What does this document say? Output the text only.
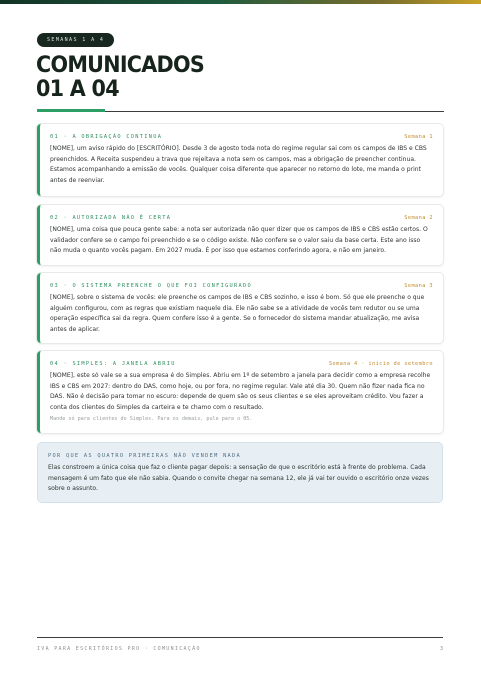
SEMANAS 1 A 4
COMUNICADOS
01 A 04
01 · A OBRIGAÇÃO CONTINUA	Semana 1

[NOME], um aviso rápido do [ESCRITÓRIO]. Desde 3 de agosto toda nota do regime regular sai com os campos de IBS e CBS preenchidos. A Receita suspendeu a trava que rejeitava a nota sem os campos, mas a obrigação de preencher continua. Estamos acompanhando a emissão de vocês. Qualquer coisa diferente que aparecer no retorno do lote, me manda o print antes de reenviar.

02 · AUTORIZADA NÃO É CERTA	Semana 2

[NOME], uma coisa que pouca gente sabe: a nota ser autorizada não quer dizer que os campos de IBS e CBS estão certos. O validador confere se o campo foi preenchido e se o código existe. Não confere se o valor saiu da base certa. Este ano isso não muda o quanto vocês pagam. Em 2027 muda. É por isso que estamos conferindo agora, e não em janeiro.

03 · O SISTEMA PREENCHE O QUE FOI CONFIGURADO	Semana 3

[NOME], sobre o sistema de vocês: ele preenche os campos de IBS e CBS sozinho, e isso é bom. Só que ele preenche o que alguém configurou, com as regras que existiam naquele dia. Ele não sabe se a atividade de vocês tem redutor ou se uma operação específica sai da regra. Quem confere isso é a gente. Se o fornecedor do sistema mandar atualização, me avisa antes de aplicar.

04 · SIMPLES: A JANELA ABRIU	Semana 4 · início de setembro

[NOME], este só vale se a sua empresa é do Simples. Abriu em 1º de setembro a janela para decidir como a empresa recolhe IBS e CBS em 2027: dentro do DAS, como hoje, ou por fora, no regime regular. Vale até dia 30. Quem não fizer nada fica no DAS. Não é decisão para tomar no escuro: depende de quem são os seus clientes e se eles aproveitam crédito. Vou fazer a conta dos clientes do Simples da carteira e te chamo com o resultado.

Mande só para clientes do Simples. Para os demais, pule para o 05.

POR QUE AS QUATRO PRIMEIRAS NÃO VENDEM NADA

Elas constroem a única coisa que faz o cliente pagar depois: a sensação de que o escritório está à frente do problema. Cada mensagem é um fato que ele não sabia. Quando o convite chegar na semana 12, ele já vai ter ouvido o escritório onze vezes sobre o assunto.

IVA PARA ESCRITÓRIOS PRO · COMUNICAÇÃO	3
